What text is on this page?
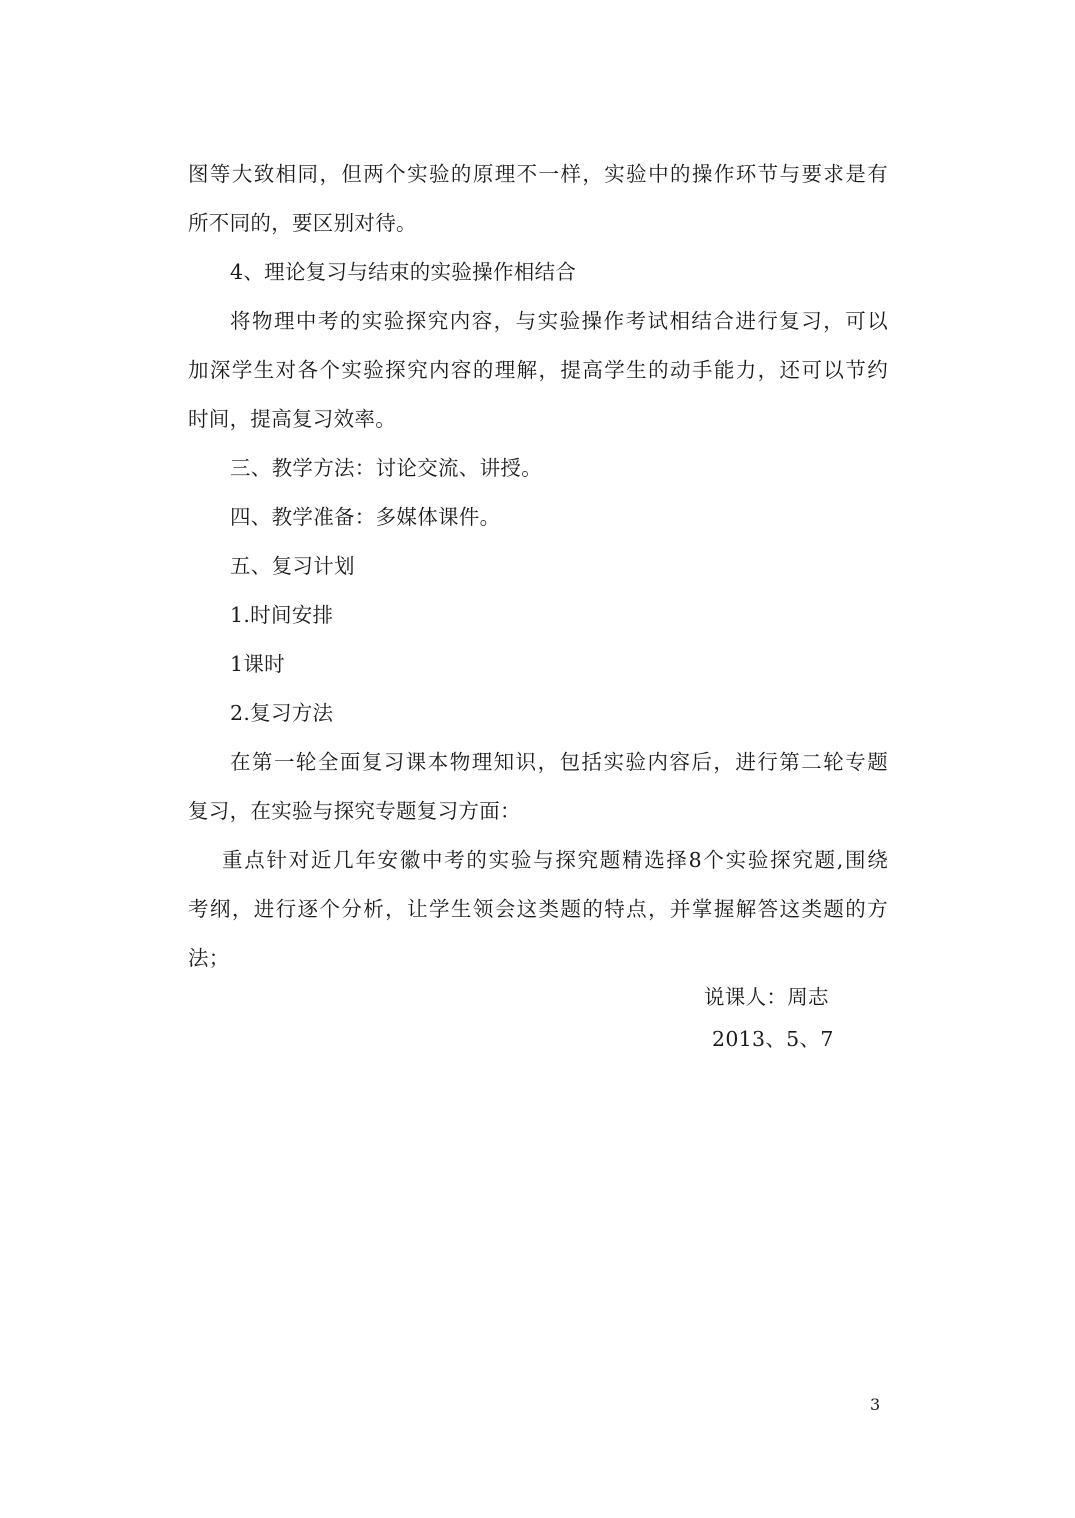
图等大致相同，但两个实验的原理不一样，实验中的操作环节与要求是有
所不同的，要区别对待。
4、理论复习与结束的实验操作相结合
将物理中考的实验探究内容，与实验操作考试相结合进行复习，可以
加深学生对各个实验探究内容的理解，提高学生的动手能力，还可以节约
时间，提高复习效率。
三、教学方法：讨论交流、讲授。
四、教学准备：多媒体课件。
五、复习计划
1.时间安排
1课时
2.复习方法
在第一轮全面复习课本物理知识，包括实验内容后，进行第二轮专题
复习，在实验与探究专题复习方面：
重点针对近几年安徽中考的实验与探究题精选择8个实验探究题,围绕
考纲，进行逐个分析，让学生领会这类题的特点，并掌握解答这类题的方
法；
说课人：周志
2013、5、7
3
